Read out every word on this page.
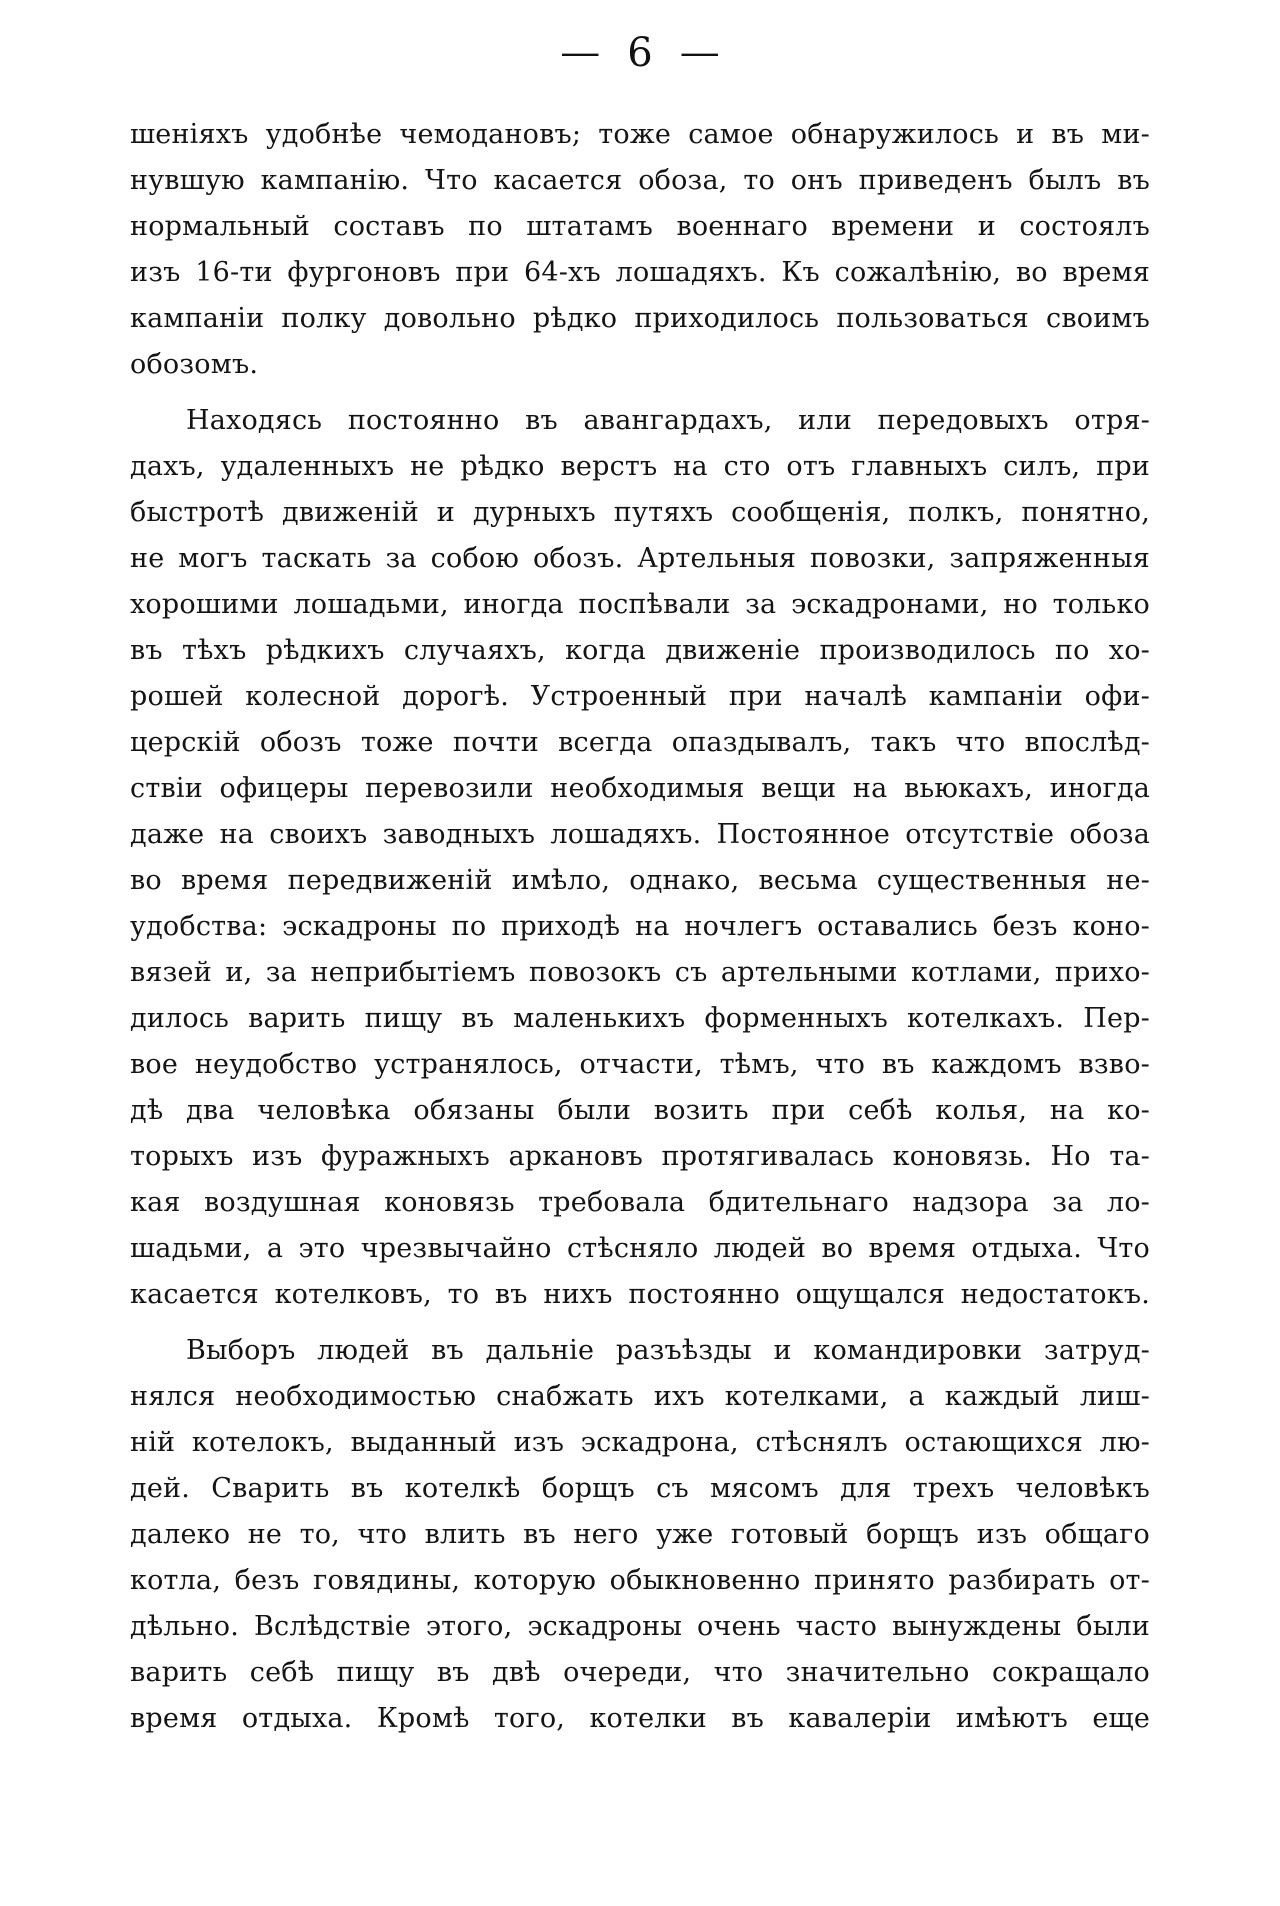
— 6 —
шеніяхъ удобнѣе чемодановъ; тоже самое обнаружилось и въ ми-
нувшую кампанію. Что касается обоза, то онъ приведенъ былъ въ
нормальный составъ по штатамъ военнаго времени и состоялъ
изъ 16-ти фургоновъ при 64-хъ лошадяхъ. Къ сожалѣнію, во время
кампаніи полку довольно рѣдко приходилось пользоваться своимъ
обозомъ.
Находясь постоянно въ авангардахъ, или передовыхъ отря-
дахъ, удаленныхъ не рѣдко верстъ на сто отъ главныхъ силъ, при
быстротѣ движеній и дурныхъ путяхъ сообщенія, полкъ, понятно,
не могъ таскать за собою обозъ. Артельныя повозки, запряженныя
хорошими лошадьми, иногда поспѣвали за эскадронами, но только
въ тѣхъ рѣдкихъ случаяхъ, когда движеніе производилось по хо-
рошей колесной дорогѣ. Устроенный при началѣ кампаніи офи-
церскій обозъ тоже почти всегда опаздывалъ, такъ что впослѣд-
ствіи офицеры перевозили необходимыя вещи на вьюкахъ, иногда
даже на своихъ заводныхъ лошадяхъ. Постоянное отсутствіе обоза
во время передвиженій имѣло, однако, весьма существенныя не-
удобства: эскадроны по приходѣ на ночлегъ оставались безъ коно-
вязей и, за неприбытіемъ повозокъ съ артельными котлами, прихо-
дилось варить пищу въ маленькихъ форменныхъ котелкахъ. Пер-
вое неудобство устранялось, отчасти, тѣмъ, что въ каждомъ взво-
дѣ два человѣка обязаны были возить при себѣ колья, на ко-
торыхъ изъ фуражныхъ аркановъ протягивалась коновязь. Но та-
кая воздушная коновязь требовала бдительнаго надзора за ло-
шадьми, а это чрезвычайно стѣсняло людей во время отдыха. Что
касается котелковъ, то въ нихъ постоянно ощущался недостатокъ.
Выборъ людей въ дальніе разъѣзды и командировки затруд-
нялся необходимостью снабжать ихъ котелками, а каждый лиш-
ній котелокъ, выданный изъ эскадрона, стѣснялъ остающихся лю-
дей. Сварить въ котелкѣ борщъ съ мясомъ для трехъ человѣкъ
далеко не то, что влить въ него уже готовый борщъ изъ общаго
котла, безъ говядины, которую обыкновенно принято разбирать от-
дѣльно. Вслѣдствіе этого, эскадроны очень часто вынуждены были
варить себѣ пищу въ двѣ очереди, что значительно сокращало
время отдыха. Кромѣ того, котелки въ кавалеріи имѣютъ еще
